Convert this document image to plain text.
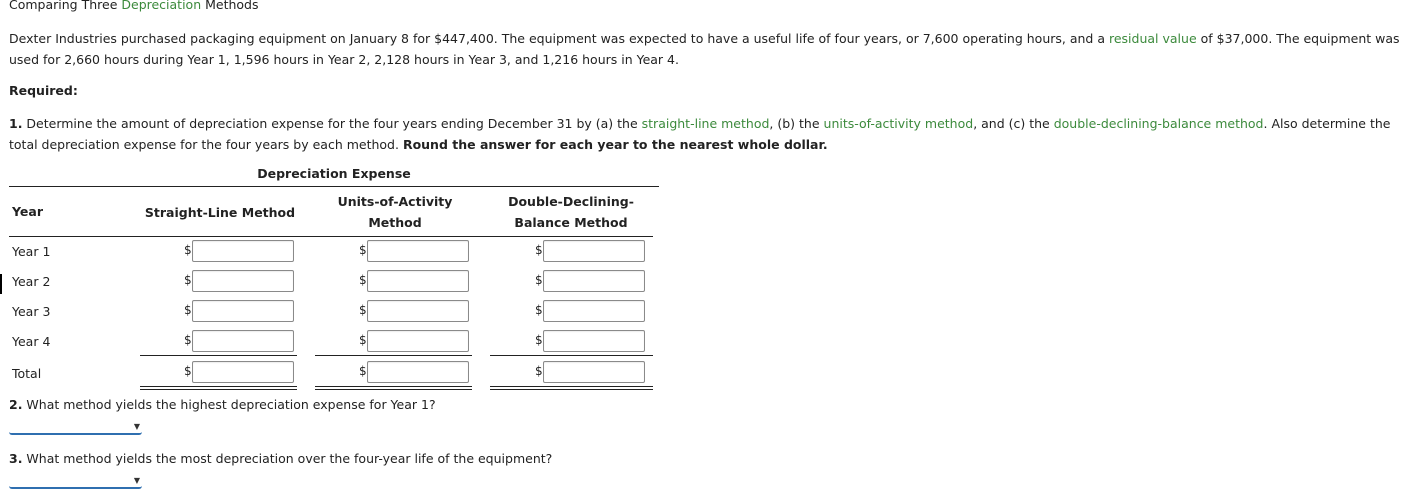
Comparing Three Depreciation Methods
Dexter Industries purchased packaging equipment on January 8 for $447,400. The equipment was expected to have a useful life of four years, or 7,600 operating hours, and a residual value of $37,000. The equipment was used for 2,660 hours during Year 1, 1,596 hours in Year 2, 2,128 hours in Year 3, and 1,216 hours in Year 4.
Required:
1. Determine the amount of depreciation expense for the four years ending December 31 by (a) the straight-line method, (b) the units-of-activity method, and (c) the double-declining-balance method. Also determine the total depreciation expense for the four years by each method. Round the answer for each year to the nearest whole dollar.
Depreciation Expense
Year	Straight-Line Method
Units-of-Activity
Method
Double-Declining-
Balance Method
Year 1
Year 2
Year 3
Year 4
Total
$
$
$
$
$
$
$
$
$
$
$
$
$
$
$
2. What method yields the highest depreciation expense for Year 1?
▼
3. What method yields the most depreciation over the four-year life of the equipment?
▼
